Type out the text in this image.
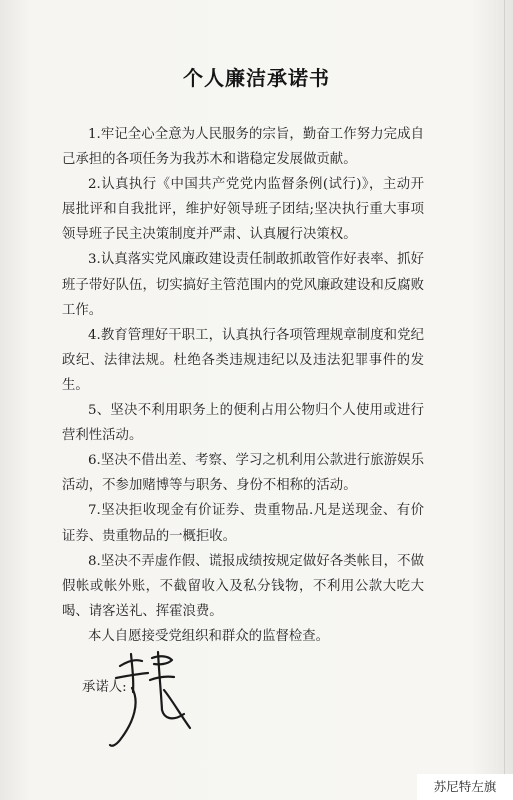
个人廉洁承诺书

1.牢记全心全意为人民服务的宗旨，勤奋工作努力完成自己承担的各项任务为我苏木和谐稳定发展做贡献。

2.认真执行《中国共产党党内监督条例(试行)》，主动开展批评和自我批评，维护好领导班子团结;坚决执行重大事项领导班子民主决策制度并严肃、认真履行决策权。

3.认真落实党风廉政建设责任制敢抓敢管作好表率、抓好班子带好队伍，切实搞好主管范围内的党风廉政建设和反腐败工作。

4.教育管理好干职工，认真执行各项管理规章制度和党纪政纪、法律法规。杜绝各类违规违纪以及违法犯罪事件的发生。

5、坚决不利用职务上的便利占用公物归个人使用或进行营利性活动。

6.坚决不借出差、考察、学习之机利用公款进行旅游娱乐活动，不参加赌博等与职务、身份不相称的活动。

7.坚决拒收现金有价证券、贵重物品.凡是送现金、有价证券、贵重物品的一概拒收。

8.坚决不弄虚作假、谎报成绩按规定做好各类帐目，不做假帐或帐外账，不截留收入及私分钱物，不利用公款大吃大喝、请客送礼、挥霍浪费。

本人自愿接受党组织和群众的监督检查。

承诺人:
苏尼特左旗
